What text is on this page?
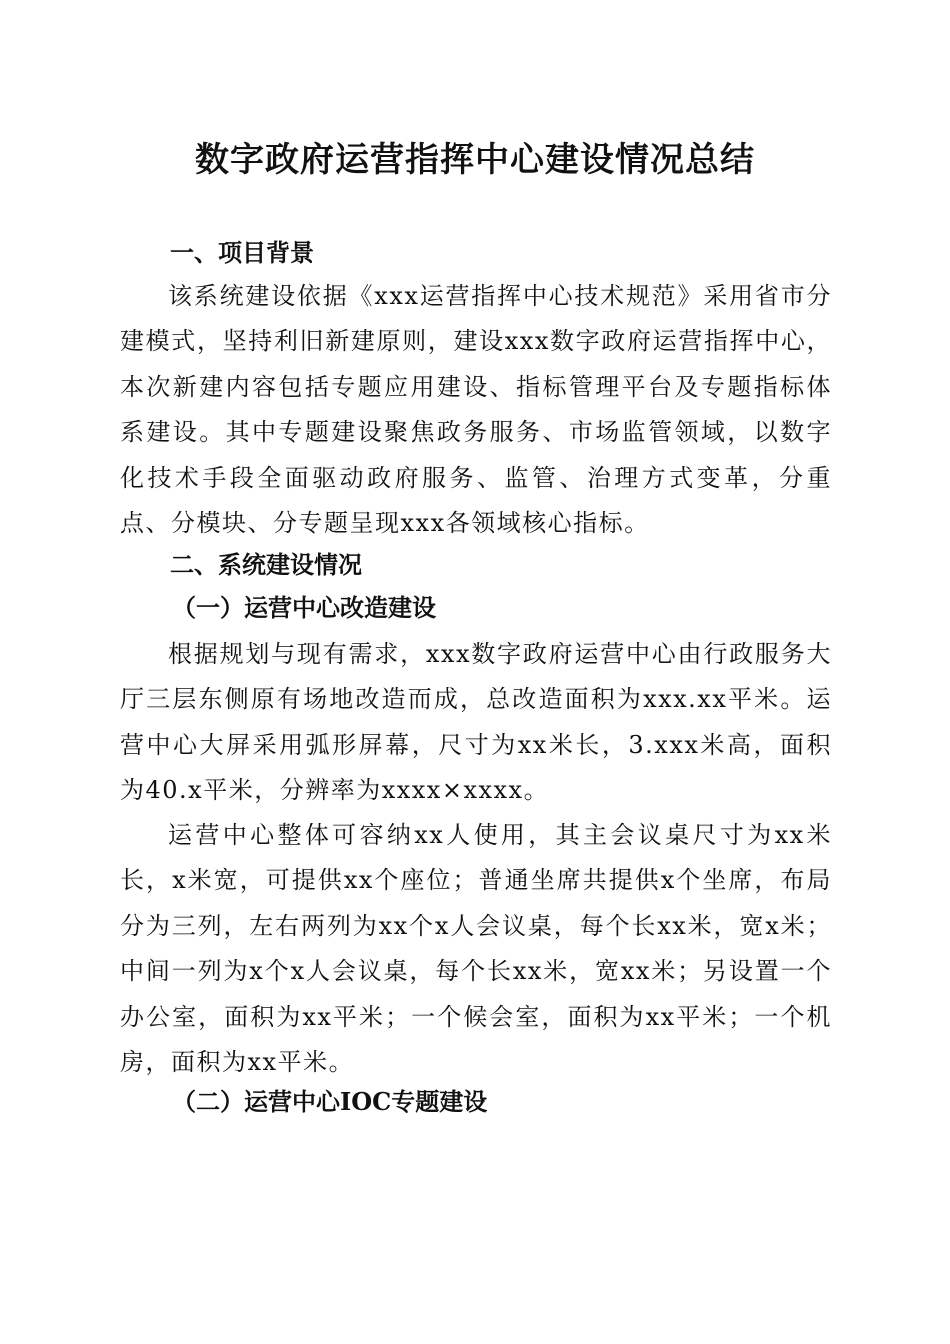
数字政府运营指挥中心建设情况总结
一、项目背景

该系统建设依据《xxx运营指挥中心技术规范》采用省市分建模式，坚持利旧新建原则，建设xxx数字政府运营指挥中心，本次新建内容包括专题应用建设、指标管理平台及专题指标体系建设。其中专题建设聚焦政务服务、市场监管领域，以数字化技术手段全面驱动政府服务、监管、治理方式变革，分重点、分模块、分专题呈现xxx各领域核心指标。

二、系统建设情况
（一）运营中心改造建设

根据规划与现有需求，xxx数字政府运营中心由行政服务大厅三层东侧原有场地改造而成，总改造面积为xxx.xx平米。运营中心大屏采用弧形屏幕，尺寸为xx米长，3.xxx米高，面积为40.x平米，分辨率为xxxx×xxxx。

运营中心整体可容纳xx人使用，其主会议桌尺寸为xx米长，x米宽，可提供xx个座位；普通坐席共提供x个坐席，布局分为三列，左右两列为xx个x人会议桌，每个长xx米，宽x米；中间一列为x个x人会议桌，每个长xx米，宽xx米；另设置一个办公室，面积为xx平米；一个候会室，面积为xx平米；一个机房，面积为xx平米。

（二）运营中心IOC专题建设
